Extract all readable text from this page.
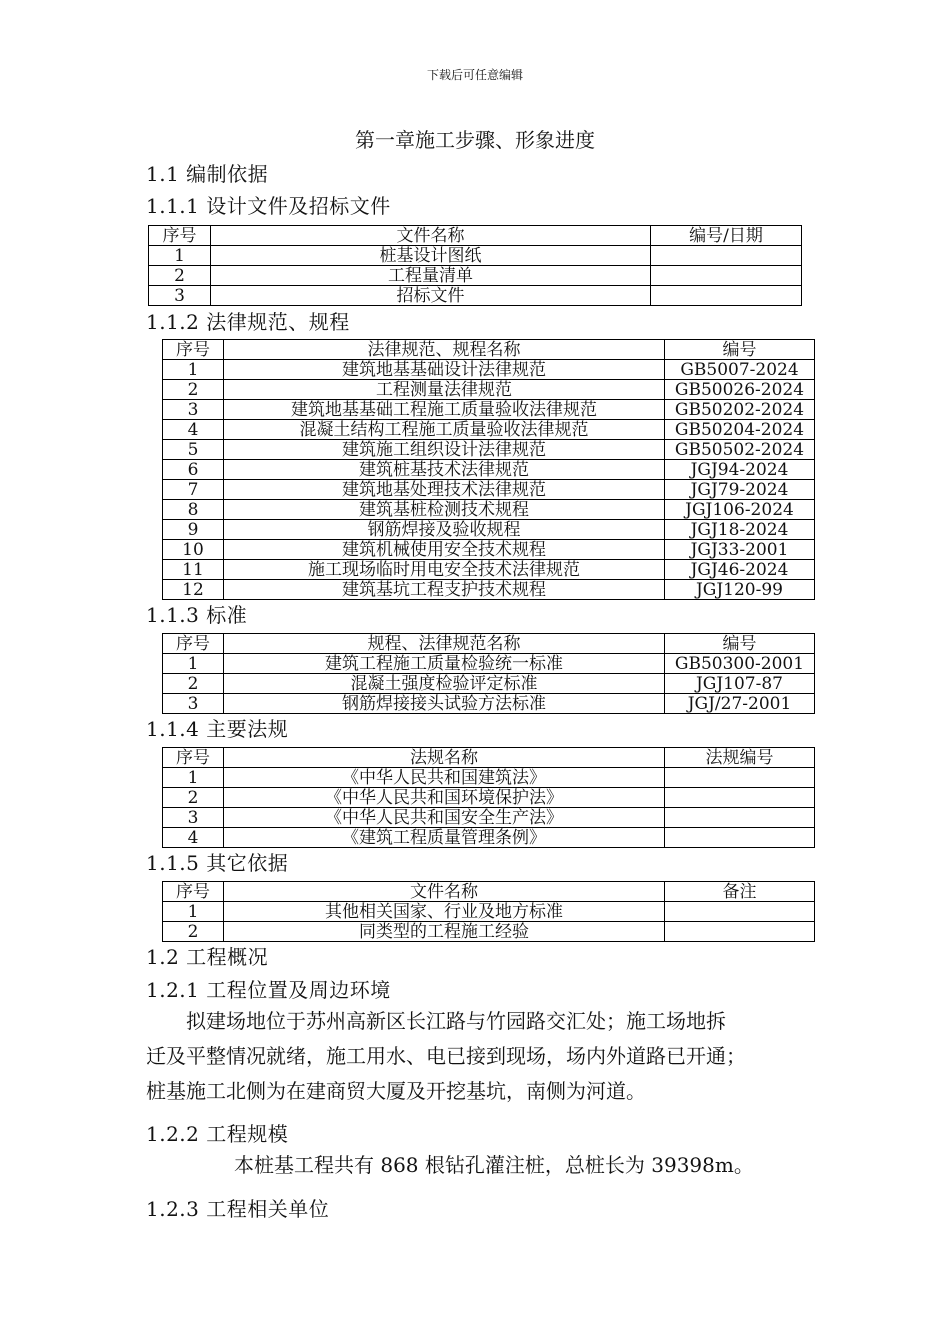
下载后可任意编辑
第一章施工步骤、形象进度
1.1 编制依据
1.1.1 设计文件及招标文件
序号	文件名称	编号/日期
1	桩基设计图纸	
2	工程量清单	
3	招标文件	
1.1.2 法律规范、规程
序号	法律规范、规程名称	编号
1	建筑地基基础设计法律规范	GB5007-2024
2	工程测量法律规范	GB50026-2024
3	建筑地基基础工程施工质量验收法律规范	GB50202-2024
4	混凝土结构工程施工质量验收法律规范	GB50204-2024
5	建筑施工组织设计法律规范	GB50502-2024
6	建筑桩基技术法律规范	JGJ94-2024
7	建筑地基处理技术法律规范	JGJ79-2024
8	建筑基桩检测技术规程	JGJ106-2024
9	钢筋焊接及验收规程	JGJ18-2024
10	建筑机械使用安全技术规程	JGJ33-2001
11	施工现场临时用电安全技术法律规范	JGJ46-2024
12	建筑基坑工程支护技术规程	JGJ120-99
1.1.3 标准
序号	规程、法律规范名称	编号
1	建筑工程施工质量检验统一标准	GB50300-2001
2	混凝土强度检验评定标准	JGJ107-87
3	钢筋焊接接头试验方法标准	JGJ/27-2001
1.1.4 主要法规
序号	法规名称	法规编号
1	《中华人民共和国建筑法》	
2	《中华人民共和国环境保护法》	
3	《中华人民共和国安全生产法》	
4	《建筑工程质量管理条例》	
1.1.5 其它依据
序号	文件名称	备注
1	其他相关国家、行业及地方标准	
2	同类型的工程施工经验	
1.2 工程概况
1.2.1 工程位置及周边环境

　　拟建场地位于苏州高新区长江路与竹园路交汇处；施工场地拆

迁及平整情况就绪，施工用水、电已接到现场，场内外道路已开通；

桩基施工北侧为在建商贸大厦及开挖基坑，南侧为河道。

1.2.2 工程规模

本桩基工程共有 868 根钻孔灌注桩，总桩长为 39398m。

1.2.3 工程相关单位
